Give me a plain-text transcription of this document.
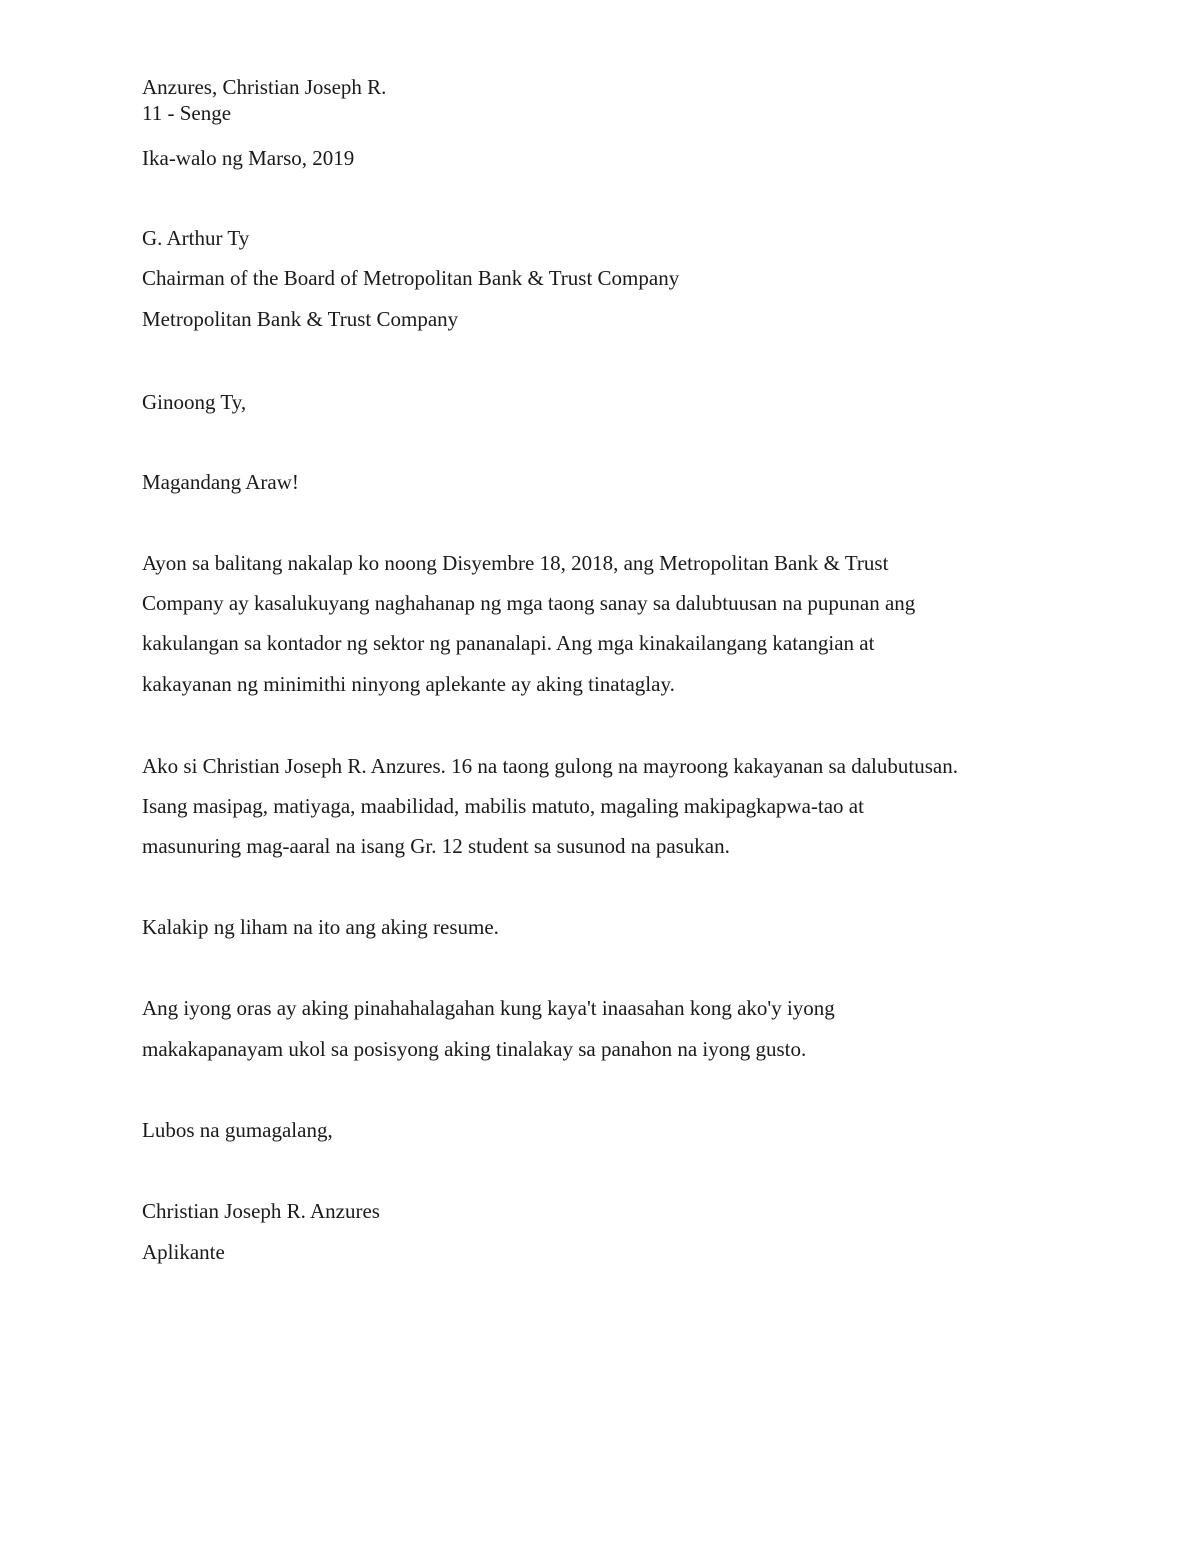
Anzures, Christian Joseph R.
11 - Senge
Ika-walo ng Marso, 2019
G. Arthur Ty
Chairman of the Board of Metropolitan Bank & Trust Company
Metropolitan Bank & Trust Company
Ginoong Ty,
Magandang Araw!
Ayon sa balitang nakalap ko noong Disyembre 18, 2018, ang Metropolitan Bank & Trust
Company ay kasalukuyang naghahanap ng mga taong sanay sa dalubtuusan na pupunan ang
kakulangan sa kontador ng sektor ng pananalapi. Ang mga kinakailangang katangian at
kakayanan ng minimithi ninyong aplekante ay aking tinataglay.
Ako si Christian Joseph R. Anzures. 16 na taong gulong na mayroong kakayanan sa dalubutusan.
Isang masipag, matiyaga, maabilidad, mabilis matuto, magaling makipagkapwa-tao at
masunuring mag-aaral na isang Gr. 12 student sa susunod na pasukan.
Kalakip ng liham na ito ang aking resume.
Ang iyong oras ay aking pinahahalagahan kung kaya't inaasahan kong ako'y iyong
makakapanayam ukol sa posisyong aking tinalakay sa panahon na iyong gusto.
Lubos na gumagalang,
Christian Joseph R. Anzures
Aplikante
